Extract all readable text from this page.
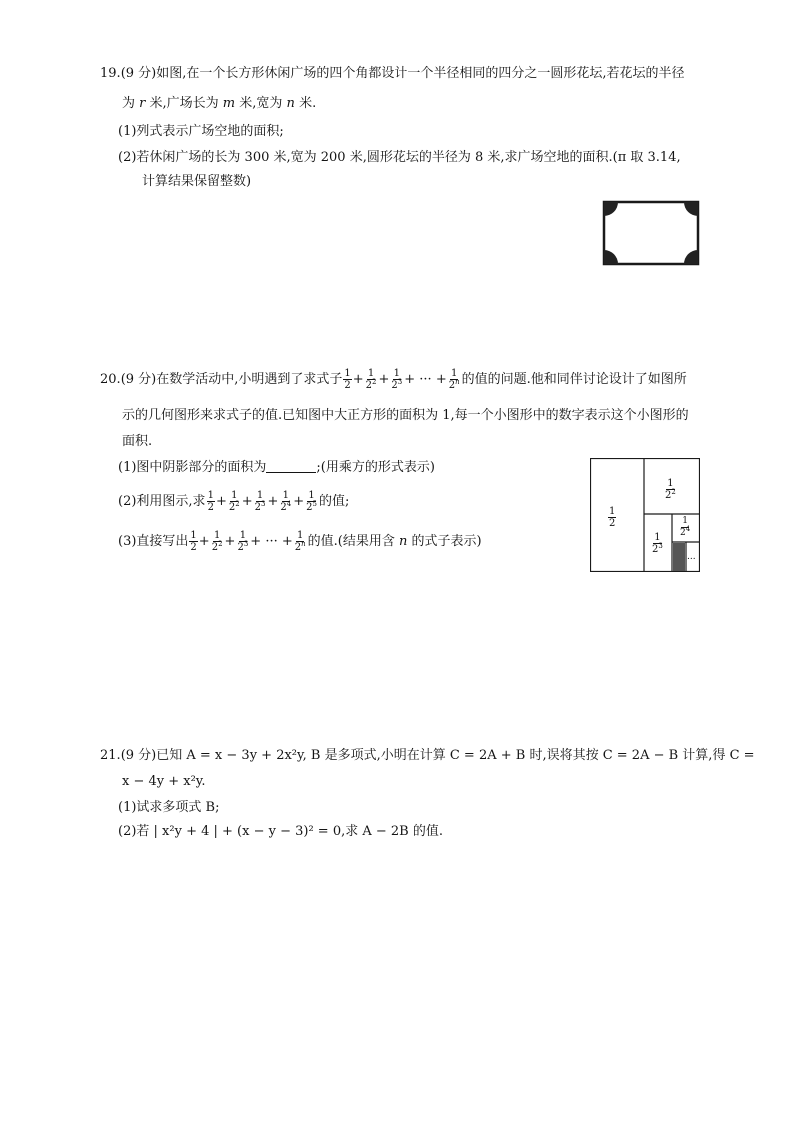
19.(9 分)如图,在一个长方形休闲广场的四个角都设计一个半径相同的四分之一圆形花坛,若花坛的半径
为 r 米,广场长为 m 米,宽为 n 米.
(1)列式表示广场空地的面积;
(2)若休闲广场的长为 300 米,宽为 200 米,圆形花坛的半径为 8 米,求广场空地的面积.(π 取 3.14,
计算结果保留整数)
20.(9 分)在数学活动中,小明遇到了求式子 $\frac{1}{2} + \frac{1}{2^2} + \frac{1}{2^3}$ + ··· + $\frac{1}{2^n}$ 的值的问题.他和同伴讨论设计了如图所
示的几何图形来求式子的值.已知图中大正方形的面积为 1,每一个小图形中的数字表示这个小图形的
面积.
(1)图中阴影部分的面积为	;(用乘方的形式表示)
(2)利用图示,求 $\frac{1}{2} + \frac{1}{2^2} + \frac{1}{2^3} + \frac{1}{2^4} + \frac{1}{2^5}$ 的值;
(3)直接写出 $\frac{1}{2} + \frac{1}{2^2} + \frac{1}{2^3}$ + ··· + $\frac{1}{2^n}$ 的值.(结果用含 n 的式子表示)
$\frac{1}{2}$
$\frac{1}{2^2}$
$\frac{1}{2^3}$
$\frac{1}{2^4}$
...
21.(9 分)已知 A = x − 3y + 2x²y, B 是多项式,小明在计算 C = 2A + B 时,误将其按 C = 2A − B 计算,得 C =
x − 4y + x²y.
(1)试求多项式 B;
(2)若 | x²y + 4 | + (x − y − 3)² = 0,求 A − 2B 的值.
